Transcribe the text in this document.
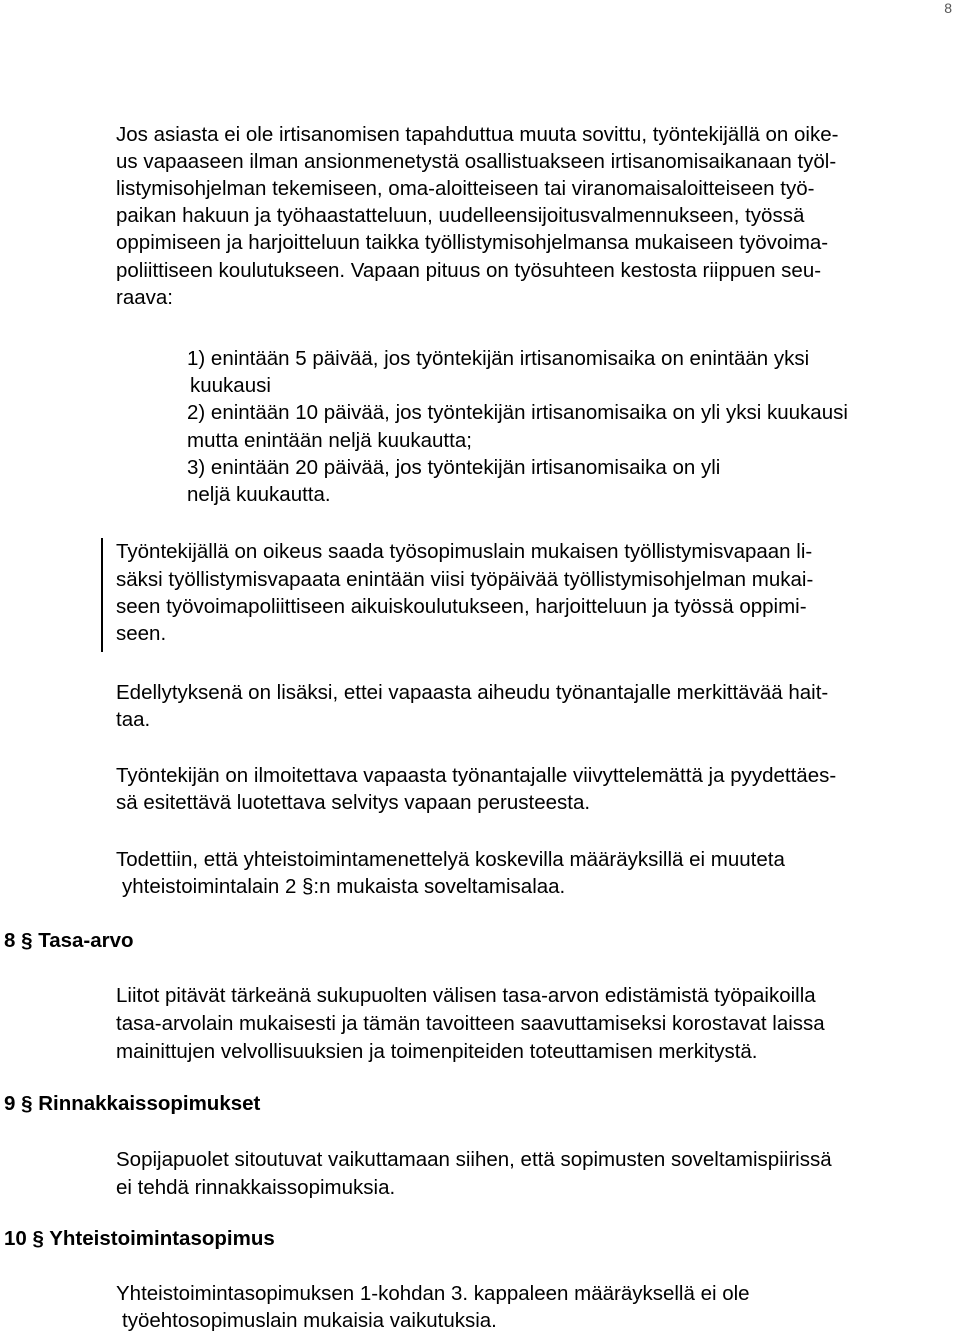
8
Jos asiasta ei ole irtisanomisen tapahduttua muuta sovittu, työntekijällä on oike-
us vapaaseen ilman ansionmenetystä osallistuakseen irtisanomisaikanaan työl-
listymisohjelman tekemiseen, oma-aloitteiseen tai viranomaisaloitteiseen työ-
paikan hakuun ja työhaastatteluun, uudelleensijoitusvalmennukseen, työssä
oppimiseen ja harjoitteluun taikka työllistymisohjelmansa mukaiseen työvoima-
poliittiseen koulutukseen. Vapaan pituus on työsuhteen kestosta riippuen seu-
raava:
1) enintään 5 päivää, jos työntekijän irtisanomisaika on enintään yksi
kuukausi
2) enintään 10 päivää, jos työntekijän irtisanomisaika on yli yksi kuukausi
mutta enintään neljä kuukautta;
3) enintään 20 päivää, jos työntekijän irtisanomisaika on yli
neljä kuukautta.
Työntekijällä on oikeus saada työsopimuslain mukaisen työllistymisvapaan li-
säksi työllistymisvapaata enintään viisi työpäivää työllistymisohjelman mukai-
seen työvoimapoliittiseen aikuiskoulutukseen, harjoitteluun ja työssä oppimi-
seen.
Edellytyksenä on lisäksi, ettei vapaasta aiheudu työnantajalle merkittävää hait-
taa.
Työntekijän on ilmoitettava vapaasta työnantajalle viivyttelemättä ja pyydettäes-
sä esitettävä luotettava selvitys vapaan perusteesta.
Todettiin, että yhteistoimintamenettelyä koskevilla määräyksillä ei muuteta
yhteistoimintalain 2 §:n mukaista soveltamisalaa.
8 § Tasa-arvo
Liitot pitävät tärkeänä sukupuolten välisen tasa-arvon edistämistä työpaikoilla
tasa-arvolain mukaisesti ja tämän tavoitteen saavuttamiseksi korostavat laissa
mainittujen velvollisuuksien ja toimenpiteiden toteuttamisen merkitystä.
9 § Rinnakkaissopimukset
Sopijapuolet sitoutuvat vaikuttamaan siihen, että sopimusten soveltamispiirissä
ei tehdä rinnakkaissopimuksia.
10 § Yhteistoimintasopimus
Yhteistoimintasopimuksen 1-kohdan 3. kappaleen määräyksellä ei ole
työehtosopimuslain mukaisia vaikutuksia.
